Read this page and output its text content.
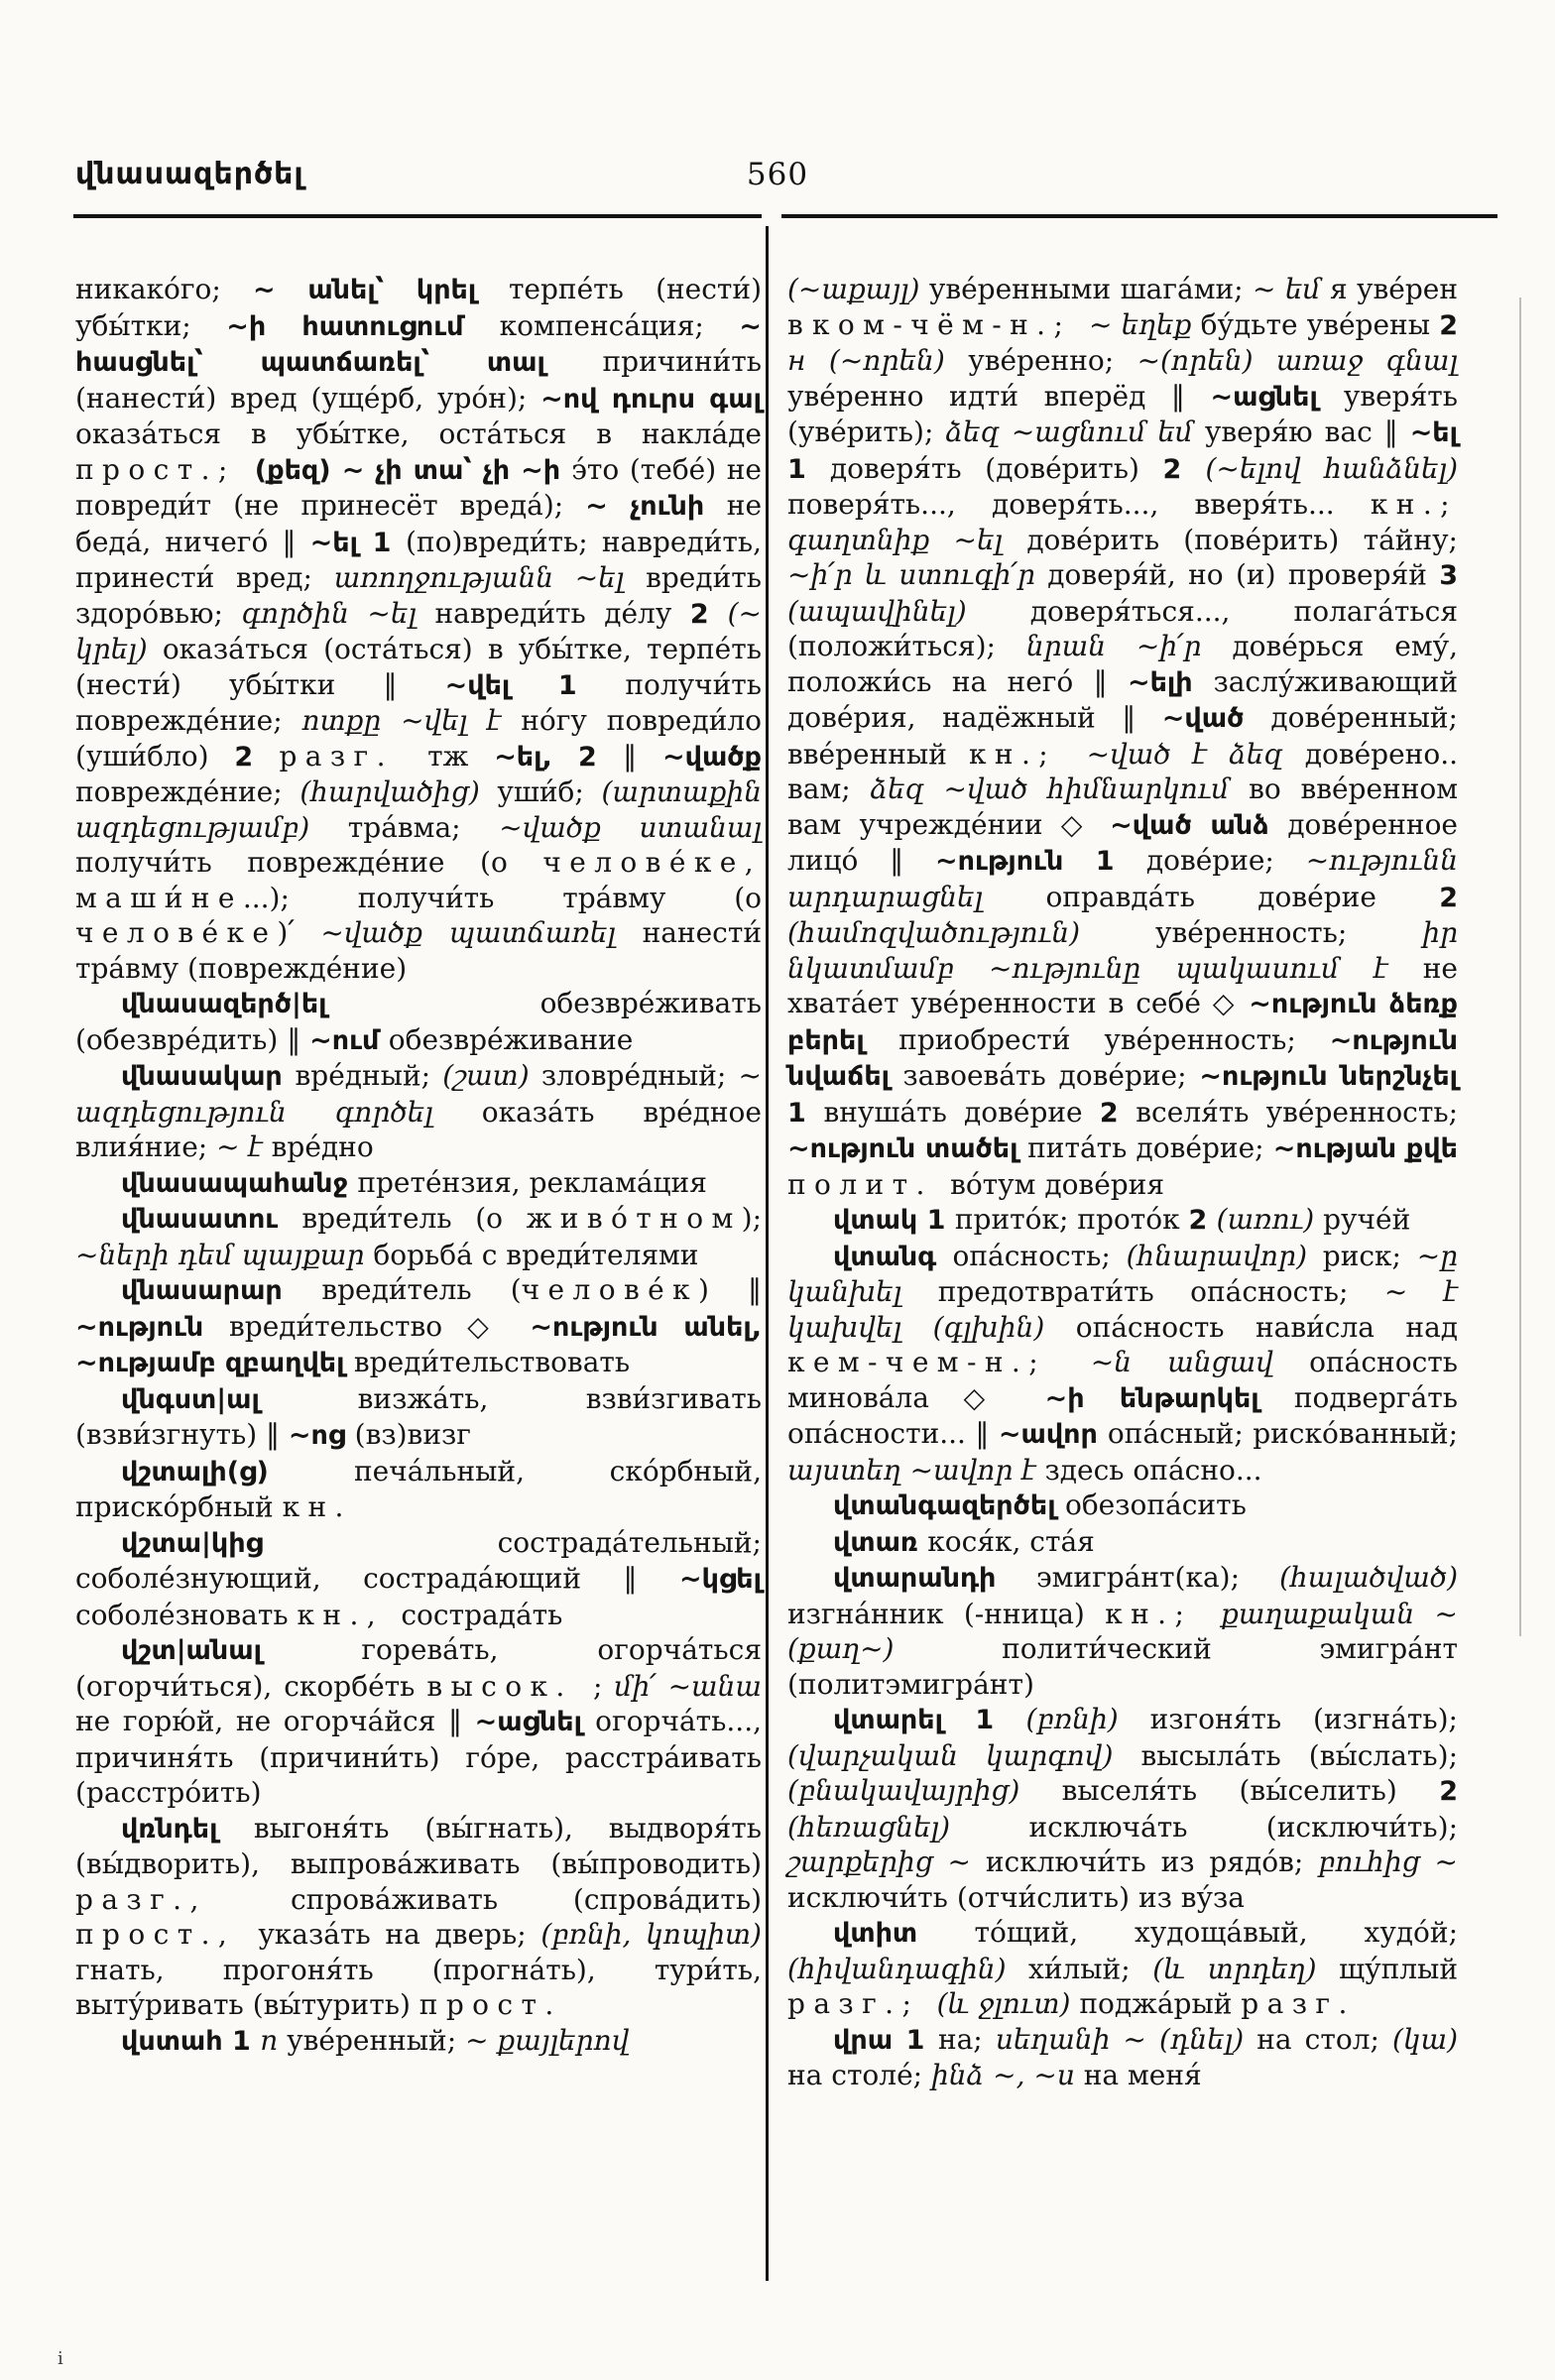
վնասազերծել	560

никако́го; ~ անել՝ կրել терпе́ть (нести́) убы́тки; ~ի հատուցում компенса́ция; ~ հասցնել՝ պատճառել՝ տալ причини́ть (нанести́) вред (уще́рб, уро́н); ~ով դուրս գալ оказа́ться в убы́тке, оста́ться в накла́де прост.; (քեզ) ~ չի տա՝ չի ~ի э́то (тебе́) не повреди́т (не принесёт вреда́); ~ չունի не беда́, ничего́ ‖ ~ել 1 (по)вреди́ть; навреди́ть, принести́ вред; առողջությանն ~ել вреди́ть здоро́вью; գործին ~ել навреди́ть де́лу 2 (~ կրել) оказа́ться (оста́ться) в убы́тке, терпе́ть (нести́) убы́тки ‖ ~վել 1 получи́ть поврежде́ние; ոտքը ~վել է но́гу повреди́ло (уши́бло) 2 разг. тж ~ել, 2 ‖ ~վածք поврежде́ние; (հարվածից) уши́б; (արտաքին ազդեցությամբ) тра́вма; ~վածք ստանալ получи́ть поврежде́ние (о челове́ке, маши́не...); получи́ть тра́вму (о челове́ке)՛ ~վածք պատճառել нанести́ тра́вму (поврежде́ние)

վնասազերծ|ել обезвре́живать (обезвре́дить) ‖ ~ում обезвре́живание

վնասակար вре́дный; (շատ) зловре́дный; ~ ազդեցություն գործել оказа́ть вре́дное влия́ние; ~ է вре́дно

վնասապահանջ прете́нзия, реклама́ция

վնասատու вреди́тель (о живо́тном); ~ների դեմ պայքար борьба́ с вреди́телями

վնասարար вреди́тель (челове́к) ‖ ~ություն вреди́тельство ◇ ~ություն անել, ~ությամբ զբաղվել вреди́тельствовать

վնգստ|ալ визжа́ть, взви́згивать (взви́згнуть) ‖ ~ոց (вз)визг

վշտալի(ց) печа́льный, ско́рбный, приско́рбный кн.

վշտա|կից сострада́тельный; соболе́знующий, сострада́ющий ‖ ~կցել соболе́зновать кн., сострада́ть

վշտ|անալ горева́ть, огорча́ться (огорчи́ться), скорбе́ть высок. ; մի՛ ~անա не горю́й, не огорча́йся ‖ ~ացնել огорча́ть..., причиня́ть (причини́ть) го́ре, расстра́ивать (расстро́ить)

վռնդել выгоня́ть (вы́гнать), выдворя́ть (вы́дворить), выпрова́живать (вы́проводить) разг., спрова́живать (спрова́дить) прост., указа́ть на дверь; (բռնի, կոպիտ) гнать, прогоня́ть (прогна́ть), тури́ть, выту́ривать (вы́турить) прост.

վստահ 1 п уве́ренный; ~ քայլերով

(~աքայլ) уве́ренными шага́ми; ~ եմ я уве́рен в ком-чём-н.; ~ եղեք бу́дьте уве́рены 2 н (~որեն) уве́ренно; ~(որեն) առաջ գնալ уве́ренно идти́ вперёд ‖ ~ացնել уверя́ть (уве́рить); ձեզ ~ացնում եմ уверя́ю вас ‖ ~ել 1 доверя́ть (дове́рить) 2 (~ելով հանձնել) поверя́ть..., доверя́ть..., вверя́ть... кн.; գաղտնիք ~ել дове́рить (пове́рить) та́йну; ~ի՛ր և ստուգի՛ր доверя́й, но (и) проверя́й 3 (ապավինել) доверя́ться..., полага́ться (положи́ться); նրան ~ի՛ր дове́рься ему́, положи́сь на него́ ‖ ~ելի заслу́живающий дове́рия, надёжный ‖ ~ված дове́ренный; вве́ренный кн.; ~ված է ձեզ дове́рено.. вам; ձեզ ~ված հիմնարկում во вве́ренном вам учрежде́нии ◇ ~ված անձ дове́ренное лицо́ ‖ ~ություն 1 дове́рие; ~ությունն արդարացնել оправда́ть дове́рие 2 (համոզվածություն) уве́ренность; իր նկատմամբ ~ությունը պակասում է не хвата́ет уве́ренности в себе́ ◇ ~ություն ձեռք բերել приобрести́ уве́ренность; ~ություն նվաճել завоева́ть дове́рие; ~ություն ներշնչել 1 внуша́ть дове́рие 2 вселя́ть уве́ренность; ~ություն տածել пита́ть дове́рие; ~ության քվե полит. во́тум дове́рия

վտակ 1 прито́к; прото́к 2 (առու) руче́й

վտանգ опа́сность; (հնարավոր) риск; ~ը կանխել предотврати́ть опа́сность; ~ է կախվել (գլխին) опа́сность нави́сла над кем-чем-н.; ~ն անցավ опа́сность минова́ла ◇ ~ի ենթարկել подверга́ть опа́сности... ‖ ~ավոր опа́сный; риско́ванный; այստեղ ~ավոր է здесь опа́сно...

վտանգազերծել обезопа́сить

վտառ кося́к, ста́я

վտարանդի эмигра́нт(ка); (հալածված) изгна́нник (-нница) кн.; քաղաքական ~ (քաղ~) полити́ческий эмигра́нт (политэмигра́нт)

վտարել 1 (բռնի) изгоня́ть (изгна́ть); (վարչական կարգով) высыла́ть (вы́слать); (բնակավայրից) выселя́ть (вы́селить) 2 (հեռացնել) исключа́ть (исключи́ть); շարքերից ~ исключи́ть из рядо́в; բուհից ~ исключи́ть (отчи́слить) из ву́за

վտիտ то́щий, худоща́вый, худо́й; (հիվանդագին) хи́лый; (և տրդեղ) щу́плый разг.; (և ջլուտ) поджа́рый разг.

վրա 1 на; սեղանի ~ (դնել) на стол; (կա) на столе́; ինձ ~, ~ս на меня́

i
